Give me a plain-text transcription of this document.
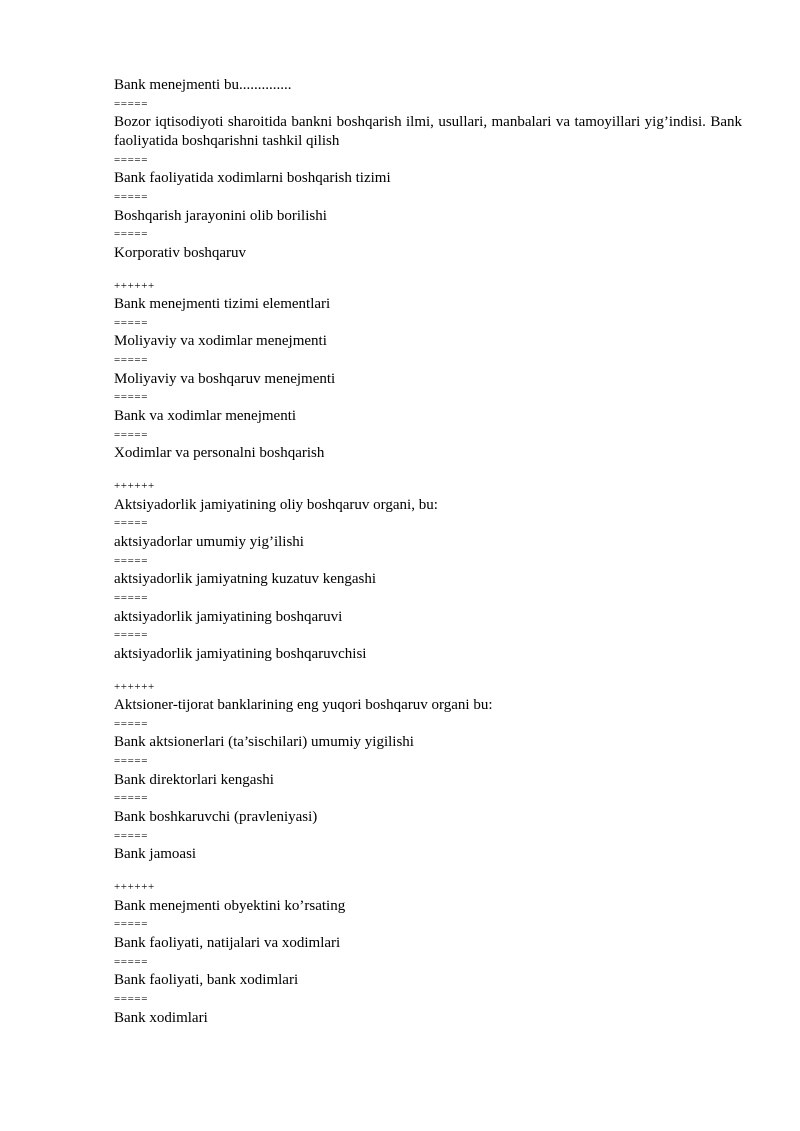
Bank menejmenti bu..............

=====

Bozor iqtisodiyoti sharoitida bankni boshqarish ilmi, usullari, manbalari va tamoyillari yig’indisi. Bank faoliyatida boshqarishni tashkil qilish

=====

Bank faoliyatida xodimlarni boshqarish tizimi

=====

Boshqarish jarayonini olib borilishi

=====

Korporativ boshqaruv

++++++

Bank menejmenti tizimi elementlari

=====

Moliyaviy va xodimlar menejmenti

=====

Moliyaviy va boshqaruv menejmenti

=====

Bank va xodimlar menejmenti

=====

Xodimlar va personalni boshqarish

++++++

Aktsiyadorlik jamiyatining oliy boshqaruv organi, bu:

=====

aktsiyadorlar umumiy yig’ilishi

=====

aktsiyadorlik jamiyatning kuzatuv kengashi

=====

aktsiyadorlik jamiyatining boshqaruvi

=====

aktsiyadorlik jamiyatining boshqaruvchisi

++++++

Aktsioner-tijorat banklarining eng yuqori boshqaruv organi bu:

=====

Bank aktsionerlari (ta’sischilari) umumiy yigilishi

=====

Bank direktorlari kengashi

=====

Bank boshkaruvchi (pravleniyasi)

=====

Bank jamoasi

++++++

Bank menejmenti obyektini ko’rsating

=====

Bank faoliyati, natijalari va xodimlari

=====

Bank faoliyati, bank xodimlari

=====

Bank xodimlari
